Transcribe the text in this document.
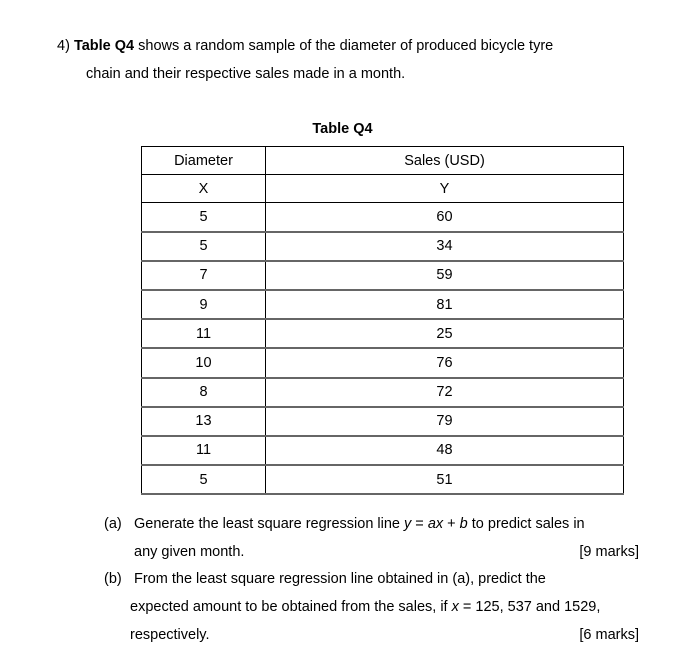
4) Table Q4 shows a random sample of the diameter of produced bicycle tyre
chain and their respective sales made in a month.
Table Q4
Diameter	Sales (USD)
X	Y
5	60
5	34
7	59
9	81
11	25
10	76
8	72
13	79
11	48
5	51
(a) Generate the least square regression line y = ax + b to predict sales in
any given month.	[9 marks]
(b) From the least square regression line obtained in (a), predict the
expected amount to be obtained from the sales, if x = 125, 537 and 1529,
respectively.	[6 marks]
